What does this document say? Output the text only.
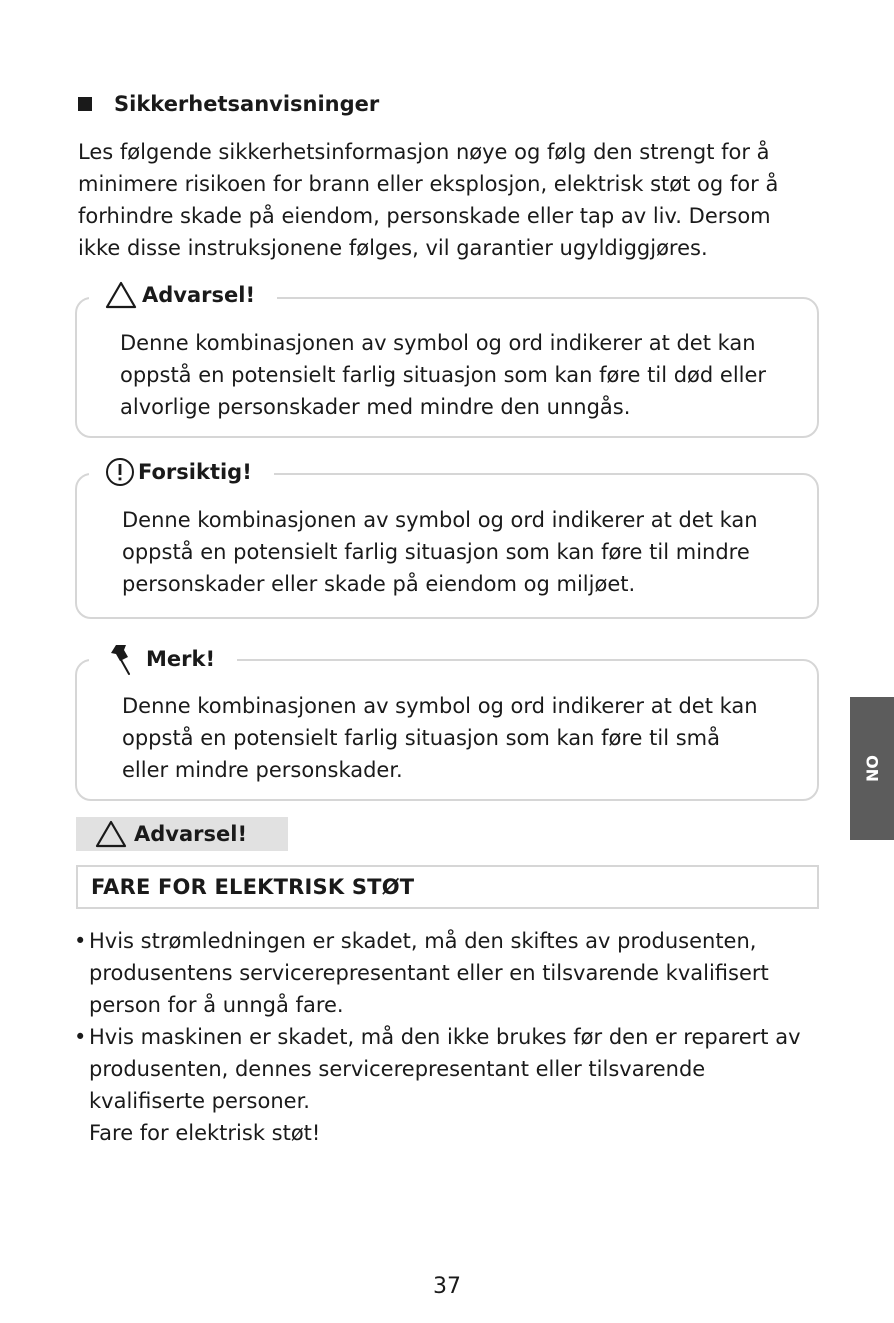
Sikkerhetsanvisninger
Les følgende sikkerhetsinformasjon nøye og følg den strengt for å
minimere risikoen for brann eller eksplosjon, elektrisk støt og for å
forhindre skade på eiendom, personskade eller tap av liv. Dersom
ikke disse instruksjonene følges, vil garantier ugyldiggjøres.
Advarsel!
Denne kombinasjonen av symbol og ord indikerer at det kan
oppstå en potensielt farlig situasjon som kan føre til død eller
alvorlige personskader med mindre den unngås.
Forsiktig!
Denne kombinasjonen av symbol og ord indikerer at det kan
oppstå en potensielt farlig situasjon som kan føre til mindre
personskader eller skade på eiendom og miljøet.
Merk!
Denne kombinasjonen av symbol og ord indikerer at det kan
oppstå en potensielt farlig situasjon som kan føre til små
eller mindre personskader.
Advarsel!
FARE FOR ELEKTRISK STØT
• Hvis strømledningen er skadet, må den skiftes av produsenten,
produsentens servicerepresentant eller en tilsvarende kvalifisert
person for å unngå fare.
• Hvis maskinen er skadet, må den ikke brukes før den er reparert av
produsenten, dennes servicerepresentant eller tilsvarende
kvalifiserte personer.
Fare for elektrisk støt!
NO
37
